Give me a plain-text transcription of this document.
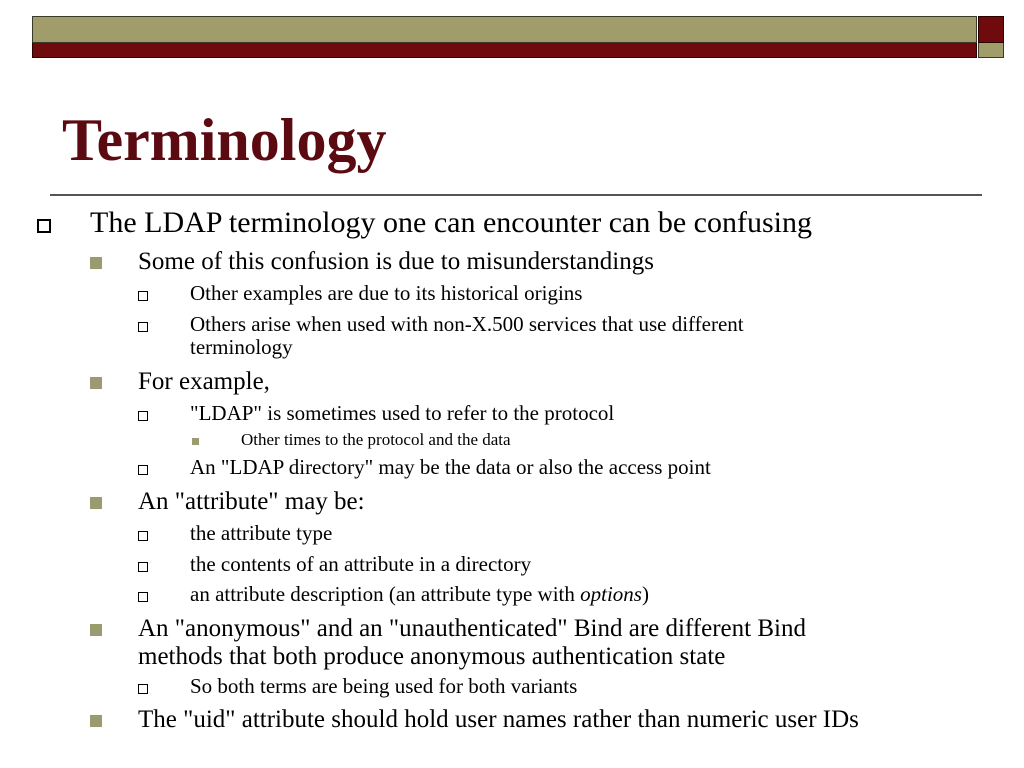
Terminology
The LDAP terminology one can encounter can be confusing
Some of this confusion is due to misunderstandings
Other examples are due to its historical origins
Others arise when used with non-X.500 services that use different
terminology
For example,
"LDAP" is sometimes used to refer to the protocol
Other times to the protocol and the data
An "LDAP directory" may be the data or also the access point
An "attribute" may be:
the attribute type
the contents of an attribute in a directory
an attribute description (an attribute type with options)
An "anonymous" and an "unauthenticated" Bind are different Bind
methods that both produce anonymous authentication state
So both terms are being used for both variants
The "uid" attribute should hold user names rather than numeric user IDs
